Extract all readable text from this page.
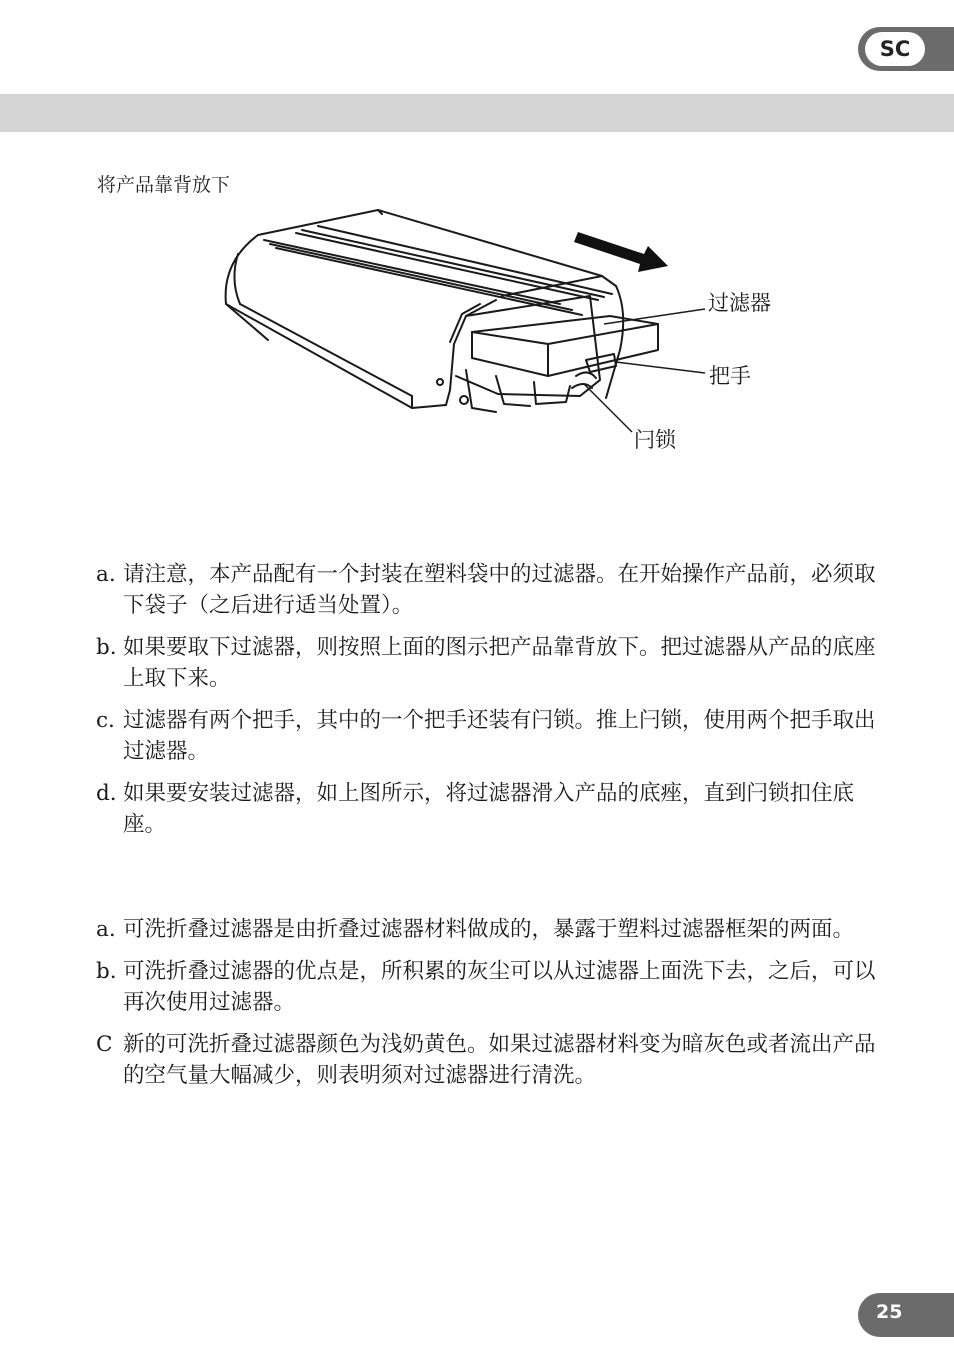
SC
将产品靠背放下
过滤器
把手
闩锁
a. 请注意，本产品配有一个封装在塑料袋中的过滤器。在开始操作产品前，必须取下袋子（之后进行适当处置）。
b. 如果要取下过滤器，则按照上面的图示把产品靠背放下。把过滤器从产品的底座上取下来。
c. 过滤器有两个把手，其中的一个把手还装有闩锁。推上闩锁，使用两个把手取出过滤器。
d. 如果要安装过滤器，如上图所示，将过滤器滑入产品的底痤，直到闩锁扣住底座。
a. 可洗折叠过滤器是由折叠过滤器材料做成的，暴露于塑料过滤器框架的两面。
b. 可洗折叠过滤器的优点是，所积累的灰尘可以从过滤器上面洗下去，之后，可以再次使用过滤器。
C 新的可洗折叠过滤器颜色为浅奶黄色。如果过滤器材料变为暗灰色或者流出产品的空气量大幅减少，则表明须对过滤器进行清洗。
25
